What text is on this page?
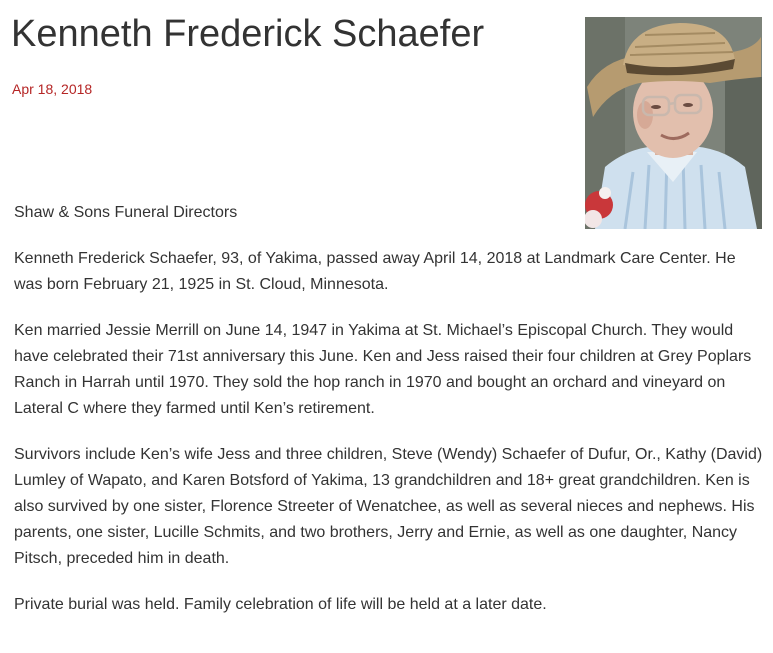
Kenneth Frederick Schaefer
Apr 18, 2018

Shaw & Sons Funeral Directors

Kenneth Frederick Schaefer, 93, of Yakima, passed away April 14, 2018 at Landmark Care Center. He was born February 21, 1925 in St. Cloud, Minnesota.

Ken married Jessie Merrill on June 14, 1947 in Yakima at St. Michael’s Episcopal Church. They would have celebrated their 71st anniversary this June. Ken and Jess raised their four children at Grey Poplars Ranch in Harrah until 1970. They sold the hop ranch in 1970 and bought an orchard and vineyard on Lateral C where they farmed until Ken’s retirement.

Survivors include Ken’s wife Jess and three children, Steve (Wendy) Schaefer of Dufur, Or., Kathy (David) Lumley of Wapato, and Karen Botsford of Yakima, 13 grandchildren and 18+ great grandchildren. Ken is also survived by one sister, Florence Streeter of Wenatchee, as well as several nieces and nephews. His parents, one sister, Lucille Schmits, and two brothers, Jerry and Ernie, as well as one daughter, Nancy Pitsch, preceded him in death.

Private burial was held. Family celebration of life will be held at a later date.
